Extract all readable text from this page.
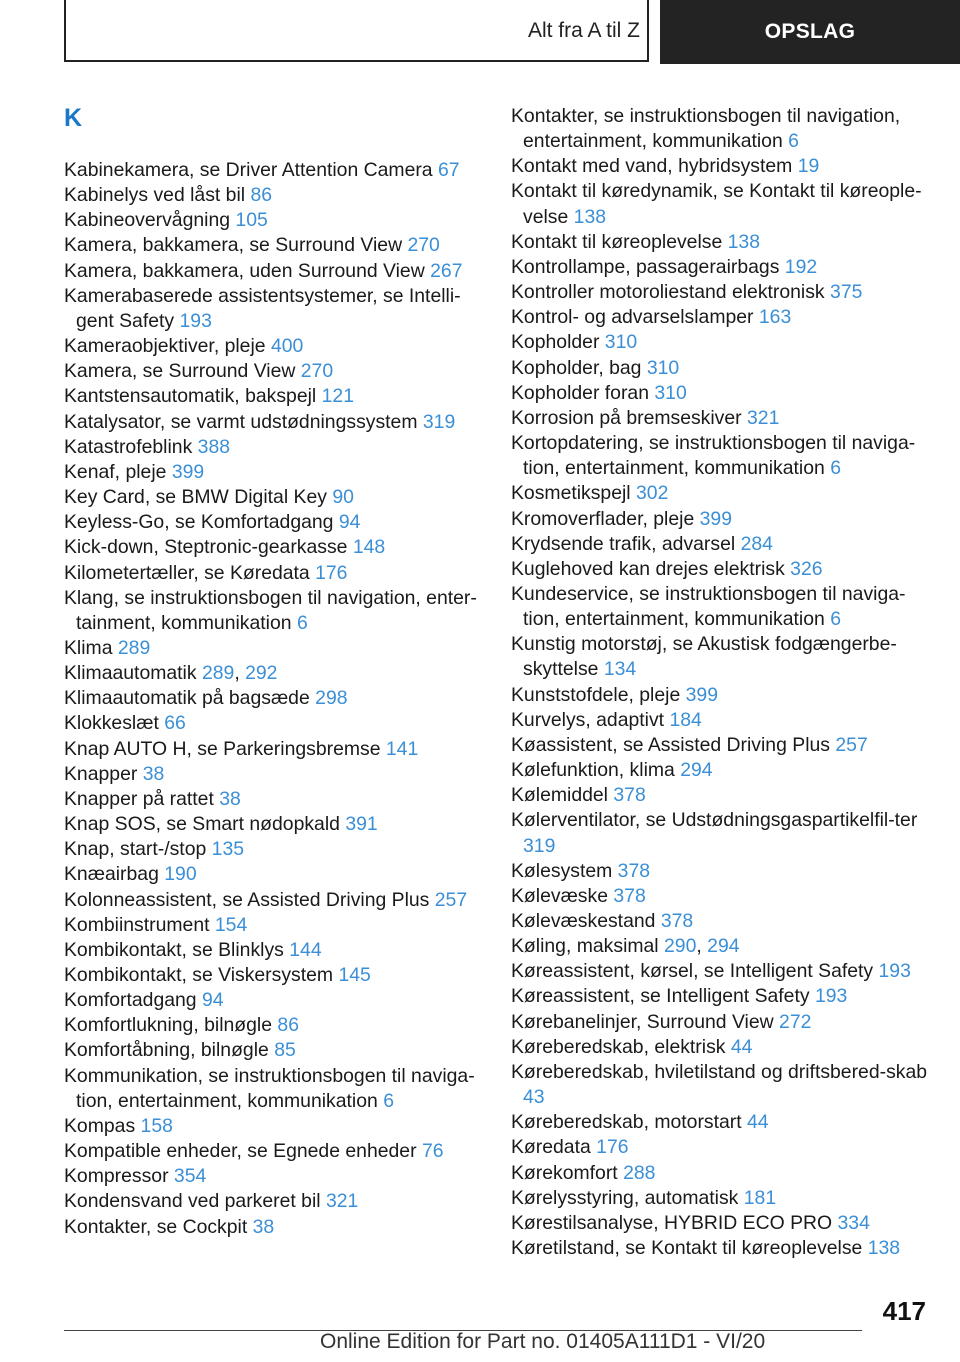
Alt fra A til Z	OPSLAG
K
Kabinekamera, se Driver Attention Camera 67
Kabinelys ved låst bil 86
Kabineovervågning 105
Kamera, bakkamera, se Surround View 270
Kamera, bakkamera, uden Surround View 267
Kamerabaserede assistentsystemer, se Intelli-gent Safety 193
Kameraobjektiver, pleje 400
Kamera, se Surround View 270
Kantstensautomatik, bakspejl 121
Katalysator, se varmt udstødningssystem 319
Katastrofeblink 388
Kenaf, pleje 399
Key Card, se BMW Digital Key 90
Keyless-Go, se Komfortadgang 94
Kick-down, Steptronic-gearkasse 148
Kilometertæller, se Køredata 176
Klang, se instruktionsbogen til navigation, enter-tainment, kommunikation 6
Klima 289
Klimaautomatik 289, 292
Klimaautomatik på bagsæde 298
Klokkeslæt 66
Knap AUTO H, se Parkeringsbremse 141
Knapper 38
Knapper på rattet 38
Knap SOS, se Smart nødopkald 391
Knap, start-/stop 135
Knæairbag 190
Kolonneassistent, se Assisted Driving Plus 257
Kombiinstrument 154
Kombikontakt, se Blinklys 144
Kombikontakt, se Viskersystem 145
Komfortadgang 94
Komfortlukning, bilnøgle 86
Komfortåbning, bilnøgle 85
Kommunikation, se instruktionsbogen til naviga-tion, entertainment, kommunikation 6
Kompas 158
Kompatible enheder, se Egnede enheder 76
Kompressor 354
Kondensvand ved parkeret bil 321
Kontakter, se Cockpit 38
Kontakter, se instruktionsbogen til navigation, entertainment, kommunikation 6
Kontakt med vand, hybridsystem 19
Kontakt til køredynamik, se Kontakt til køreople-velse 138
Kontakt til køreoplevelse 138
Kontrollampe, passagerairbags 192
Kontroller motoroliestand elektronisk 375
Kontrol- og advarselslamper 163
Kopholder 310
Kopholder, bag 310
Kopholder foran 310
Korrosion på bremseskiver 321
Kortopdatering, se instruktionsbogen til naviga-tion, entertainment, kommunikation 6
Kosmetikspejl 302
Kromoverflader, pleje 399
Krydsende trafik, advarsel 284
Kuglehoved kan drejes elektrisk 326
Kundeservice, se instruktionsbogen til naviga-tion, entertainment, kommunikation 6
Kunstig motorstøj, se Akustisk fodgængerbe-skyttelse 134
Kunststofdele, pleje 399
Kurvelys, adaptivt 184
Køassistent, se Assisted Driving Plus 257
Kølefunktion, klima 294
Kølemiddel 378
Kølerventilator, se Udstødningsgaspartikelfil-ter 319
Kølesystem 378
Kølevæske 378
Kølevæskestand 378
Køling, maksimal 290, 294
Køreassistent, kørsel, se Intelligent Safety 193
Køreassistent, se Intelligent Safety 193
Kørebanelinjer, Surround View 272
Køreberedskab, elektrisk 44
Køreberedskab, hviletilstand og driftsbered-skab 43
Køreberedskab, motorstart 44
Køredata 176
Kørekomfort 288
Kørelysstyring, automatisk 181
Kørestilsanalyse, HYBRID ECO PRO 334
Køretilstand, se Kontakt til køreoplevelse 138
417
Online Edition for Part no. 01405A111D1 - VI/20
